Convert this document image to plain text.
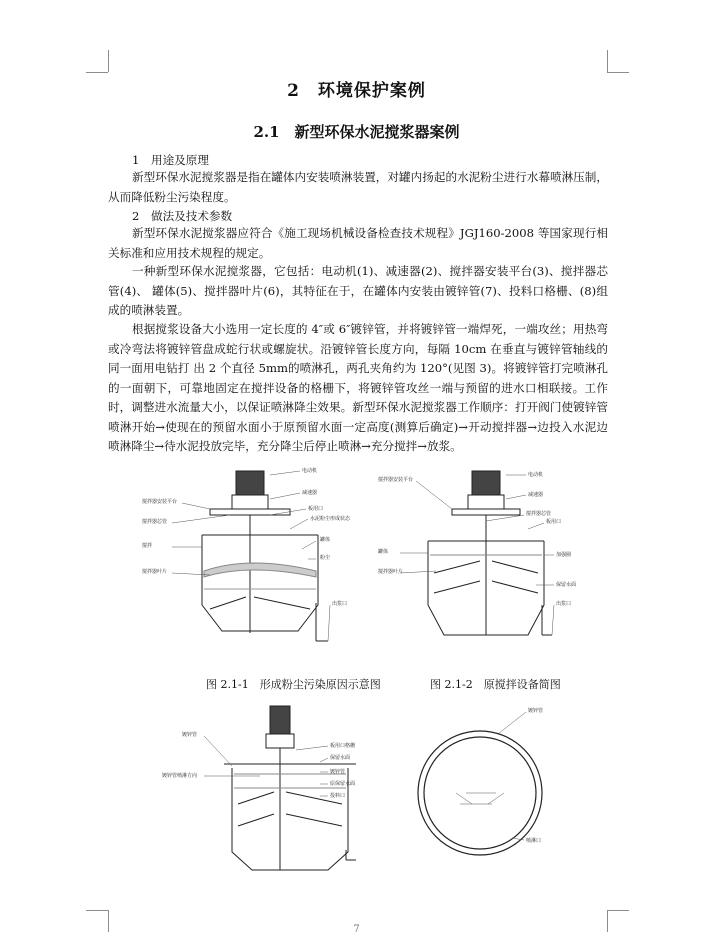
2　环境保护案例
2.1　新型环保水泥搅浆器案例

1　用途及原理

新型环保水泥搅浆器是指在罐体内安装喷淋装置，对罐内扬起的水泥粉尘进行水幕喷淋压制，从而降低粉尘污染程度。

2　做法及技术参数

新型环保水泥搅浆器应符合《施工现场机械设备检查技术规程》JGJ160-2008 等国家现行相关标准和应用技术规程的规定。

一种新型环保水泥搅浆器，它包括：电动机(1)、减速器(2)、搅拌器安装平台(3)、搅拌器芯管(4)、 罐体(5)、搅拌器叶片(6)，其特征在于，在罐体内安装由镀锌管(7)、投料口格栅、(8)组成的喷淋装置。

根据搅浆设备大小选用一定长度的 4″或 6″镀锌管，并将镀锌管一端焊死，一端攻丝；用热弯或冷弯法将镀锌管盘成蛇行状或螺旋状。沿镀锌管长度方向，每隔 10cm 在垂直与镀锌管轴线的同一面用电钻打 出 2 个直径 5mm的喷淋孔，两孔夹角约为 120°(见图 3)。将镀锌管打完喷淋孔的一面朝下，可靠地固定在搅拌设备的格栅下，将镀锌管攻丝一端与预留的进水口相联接。工作时，调整进水流量大小，以保证喷淋降尘效果。新型环保水泥搅浆器工作顺序：打开阀门使镀锌管喷淋开始→使现在的预留水面小于原预留水面一定高度(测算后确定)→开动搅拌器→边投入水泥边喷淋降尘→待水泥投放完毕，充分降尘后停止喷淋→充分搅拌→放浆。

电动机
减速器
搅拌器安装平台
搅拌器芯管
板用口
水泥粉尘形成状态
罐体
搅拌器叶片
粉尘
搅拌
出浆口
搅拌器安装平台
电动机
减速器
搅拌器芯管
板用口
加强圈
罐体
搅拌器叶片
保留水面
出浆口

图 2.1-1　形成粉尘污染原因示意图	图 2.1-2　原搅拌设备简图

镀锌管
板用口格栅
保留水面
镀锌管
镀锌管喷淋方向
原保留水面
投料口
镀锌管
喷淋口
7
